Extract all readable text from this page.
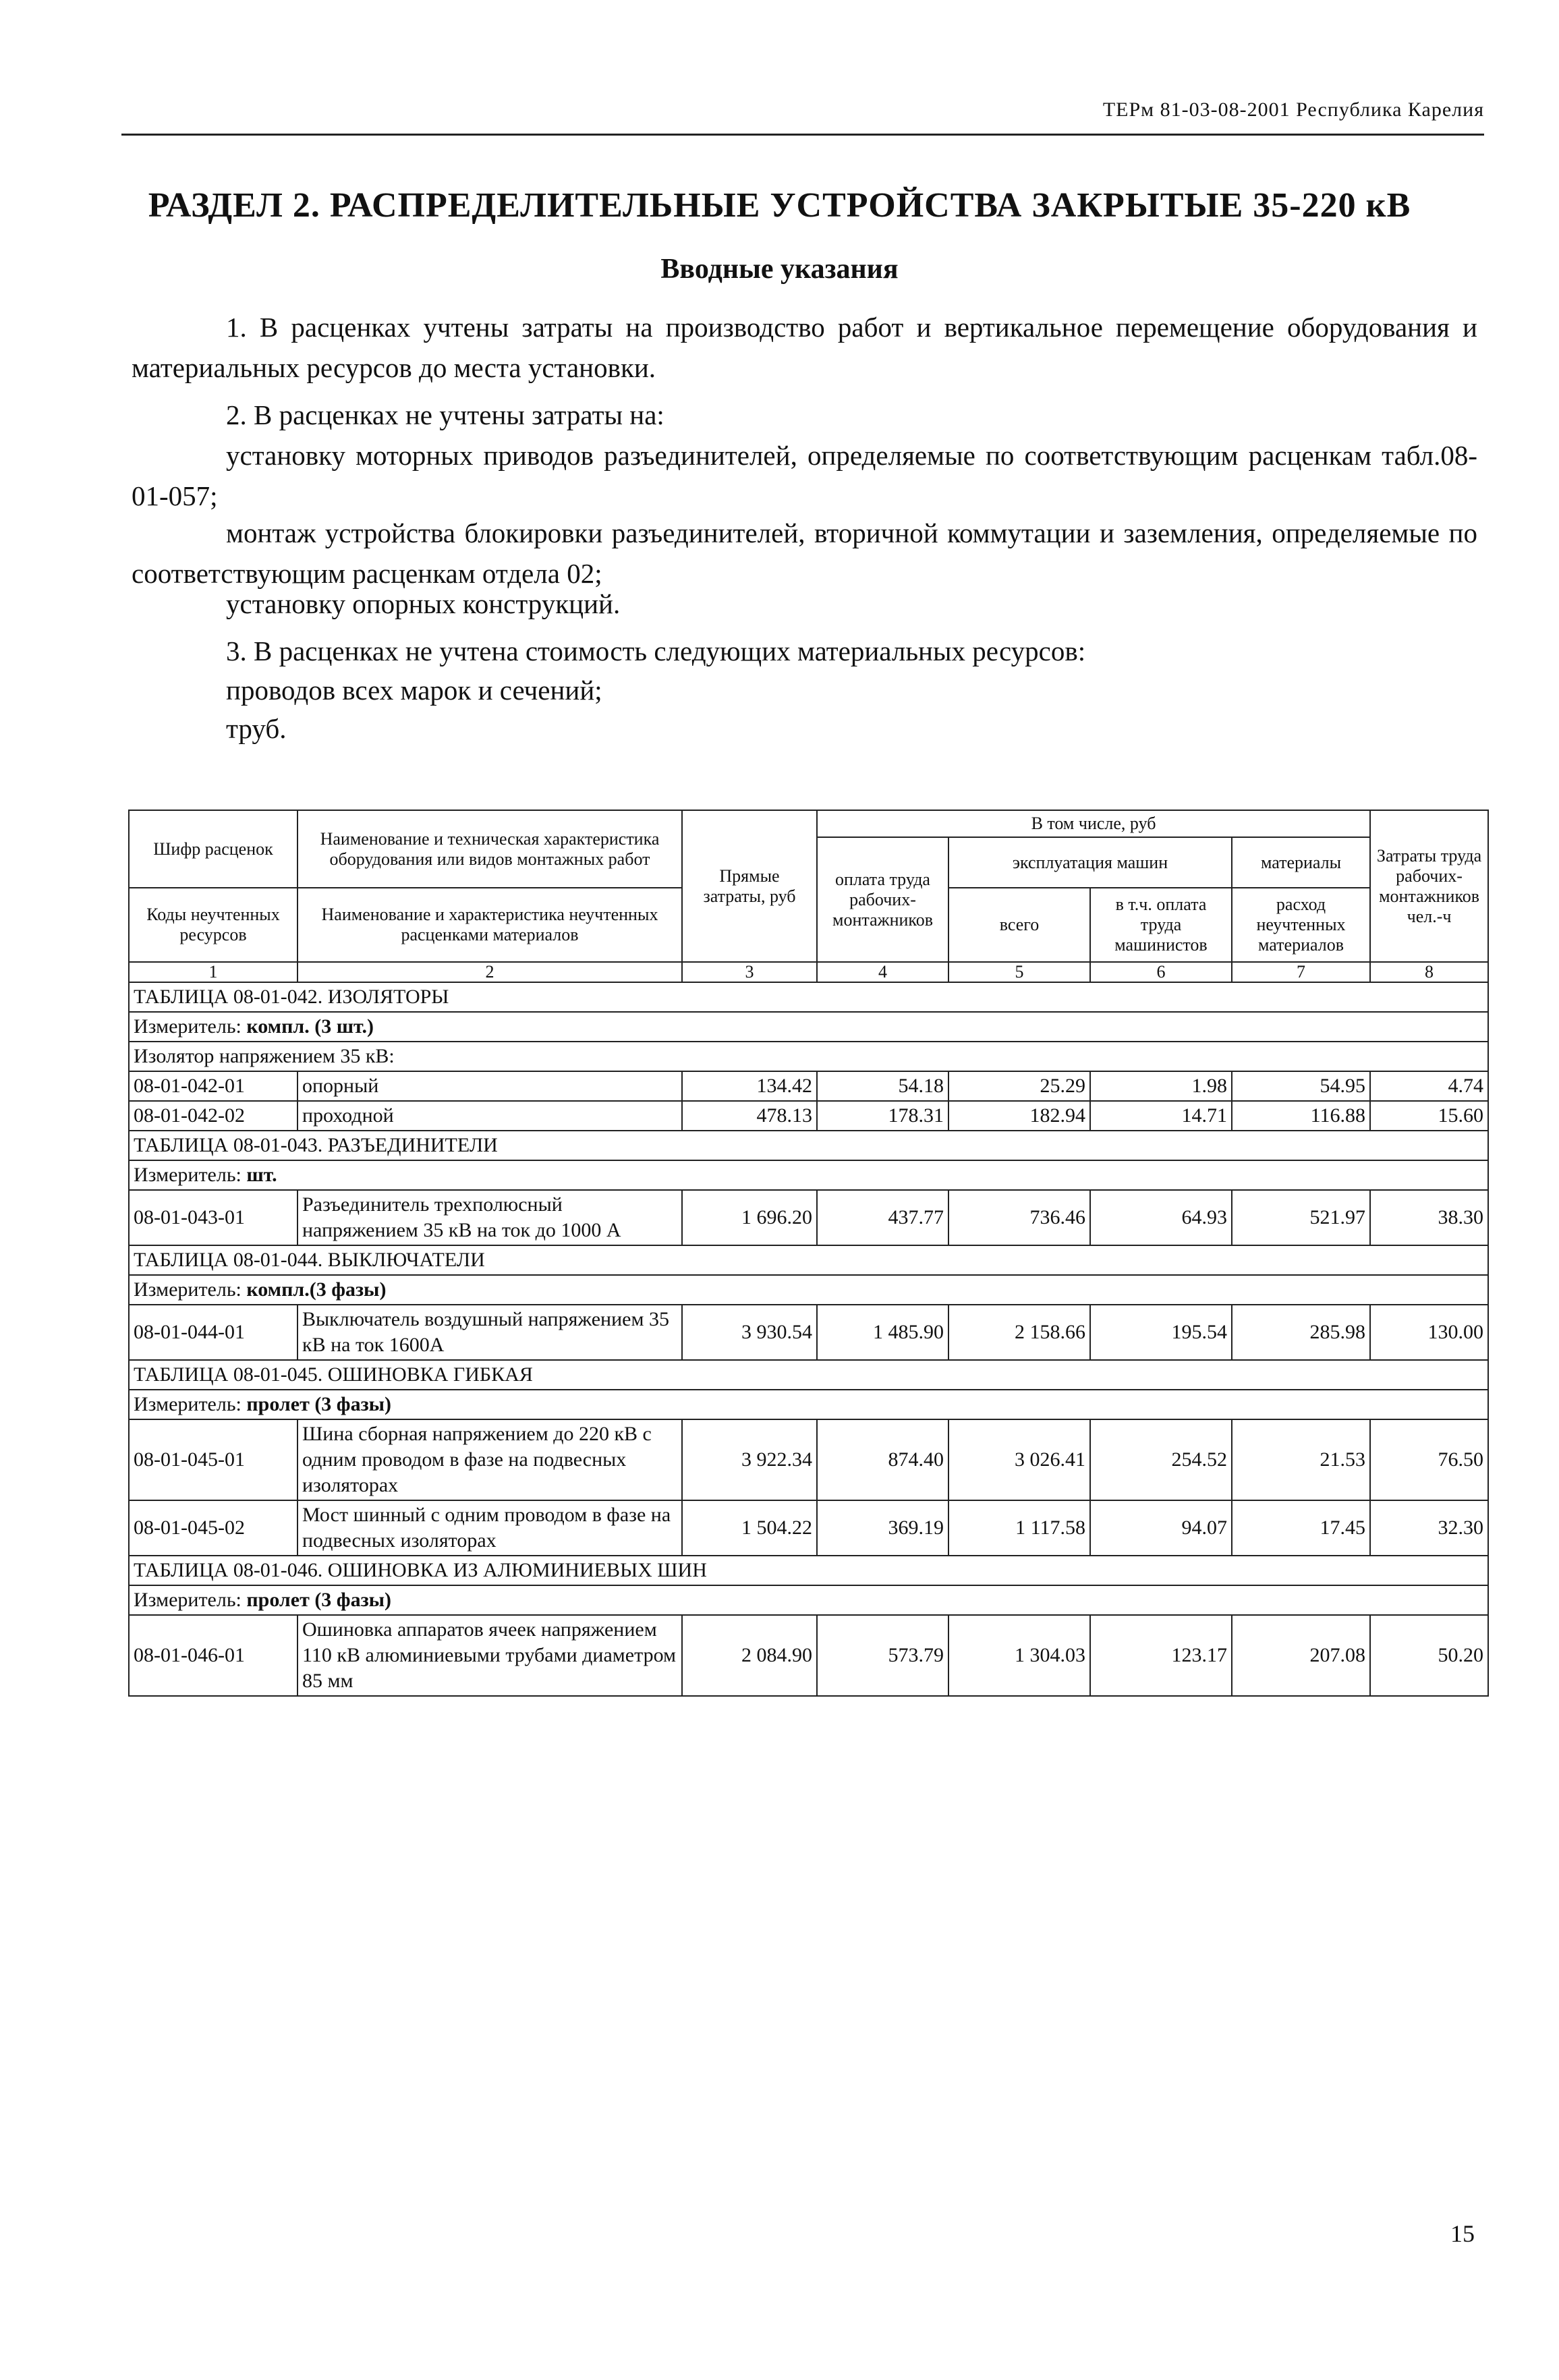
ТЕРм 81-03-08-2001 Республика Карелия
РАЗДЕЛ 2. РАСПРЕДЕЛИТЕЛЬНЫЕ УСТРОЙСТВА ЗАКРЫТЫЕ 35-220 кВ
Вводные указания
1. В расценках учтены затраты на производство работ и вертикальное перемещение оборудования и материальных ресурсов до места установки.
2. В расценках не учтены затраты на:
установку моторных приводов разъединителей, определяемые по соответствующим расценкам табл.08-01-057;
монтаж устройства блокировки разъединителей, вторичной коммутации и заземления, определяемые по соответствующим расценкам отдела 02;
установку опорных конструкций.
3. В расценках не учтена стоимость следующих материальных ресурсов:
проводов всех марок и сечений;
труб.
Шифр расценок	Наименование и техническая характеристика оборудования или видов монтажных работ	Прямые затраты, руб	В том числе, руб				Затраты труда рабочих-монтажников чел.-ч
			оплата труда рабочих-монтажников	эксплуатация машин		материалы	

Коды неучтенных ресурсов	Наименование и характеристика неучтенных расценками материалов			всего	в т.ч. оплата труда машинистов	расход неучтенных материалов	

1	2	3	4	5	6	7	8
ТАБЛИЦА 08-01-042. ИЗОЛЯТОРЫ							
Измеритель: компл. (3 шт.)							
Изолятор напряжением 35 кВ:							
08-01-042-01	опорный	134.42	54.18	25.29	1.98	54.95	4.74
08-01-042-02	проходной	478.13	178.31	182.94	14.71	116.88	15.60
ТАБЛИЦА 08-01-043. РАЗЪЕДИНИТЕЛИ							
Измеритель: шт.							
08-01-043-01	Разъединитель трехполюсный напряжением 35 кВ на ток до 1000 А	1 696.20	437.77	736.46	64.93	521.97	38.30
ТАБЛИЦА 08-01-044. ВЫКЛЮЧАТЕЛИ							
Измеритель: компл.(3 фазы)							
08-01-044-01	Выключатель воздушный напряжением 35 кВ на ток 1600А	3 930.54	1 485.90	2 158.66	195.54	285.98	130.00
ТАБЛИЦА 08-01-045. ОШИНОВКА ГИБКАЯ							
Измеритель: пролет (3 фазы)							
08-01-045-01	Шина сборная напряжением до 220 кВ с одним проводом в фазе на подвесных изоляторах	3 922.34	874.40	3 026.41	254.52	21.53	76.50
08-01-045-02	Мост шинный с одним проводом в фазе на подвесных изоляторах	1 504.22	369.19	1 117.58	94.07	17.45	32.30
ТАБЛИЦА 08-01-046. ОШИНОВКА ИЗ АЛЮМИНИЕВЫХ ШИН							
Измеритель: пролет (3 фазы)							
08-01-046-01	Ошиновка аппаратов ячеек напряжением 110 кВ алюминиевыми трубами диаметром 85 мм	2 084.90	573.79	1 304.03	123.17	207.08	50.20
15
